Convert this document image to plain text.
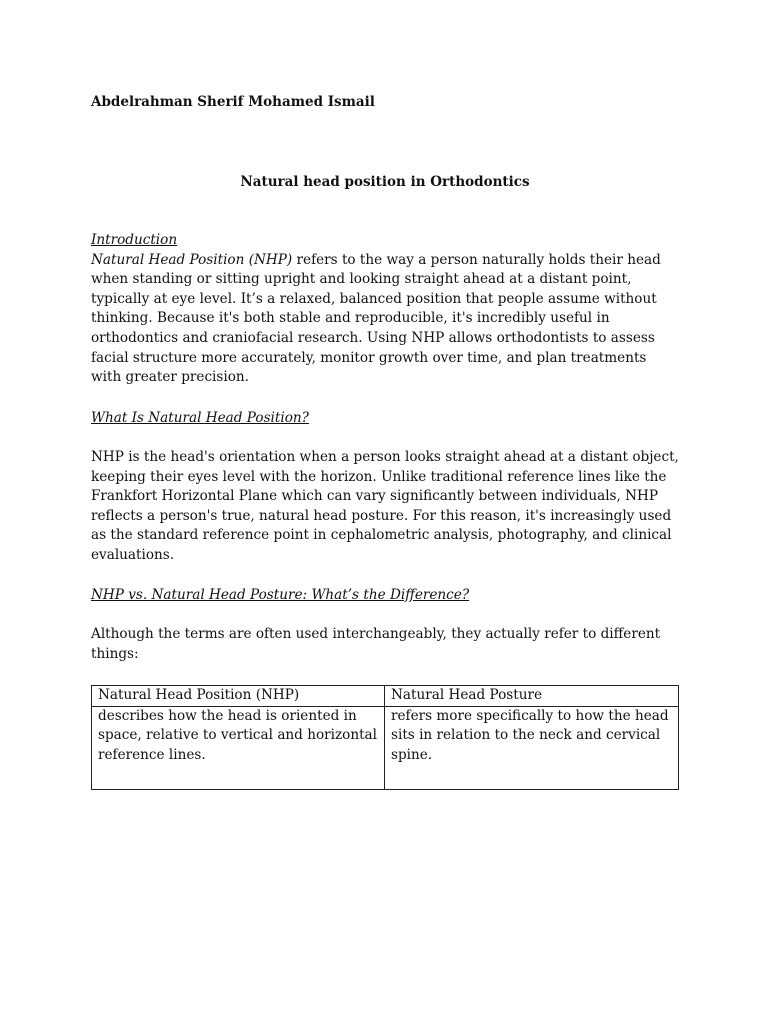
Abdelrahman Sherif Mohamed Ismail
Natural head position in Orthodontics
Introduction
Natural Head Position (NHP) refers to the way a person naturally holds their head
when standing or sitting upright and looking straight ahead at a distant point,
typically at eye level. It’s a relaxed, balanced position that people assume without
thinking. Because it's both stable and reproducible, it's incredibly useful in
orthodontics and craniofacial research. Using NHP allows orthodontists to assess
facial structure more accurately, monitor growth over time, and plan treatments
with greater precision.
What Is Natural Head Position?
NHP is the head's orientation when a person looks straight ahead at a distant object,
keeping their eyes level with the horizon. Unlike traditional reference lines like the
Frankfort Horizontal Plane which can vary significantly between individuals, NHP
reflects a person's true, natural head posture. For this reason, it's increasingly used
as the standard reference point in cephalometric analysis, photography, and clinical
evaluations.
NHP vs. Natural Head Posture: What’s the Difference?
Although the terms are often used interchangeably, they actually refer to different
things:
Natural Head Position (NHP)	Natural Head Posture

describes how the head is oriented in
space, relative to vertical and horizontal
reference lines.	refers more specifically to how the head
sits in relation to the neck and cervical
spine.
